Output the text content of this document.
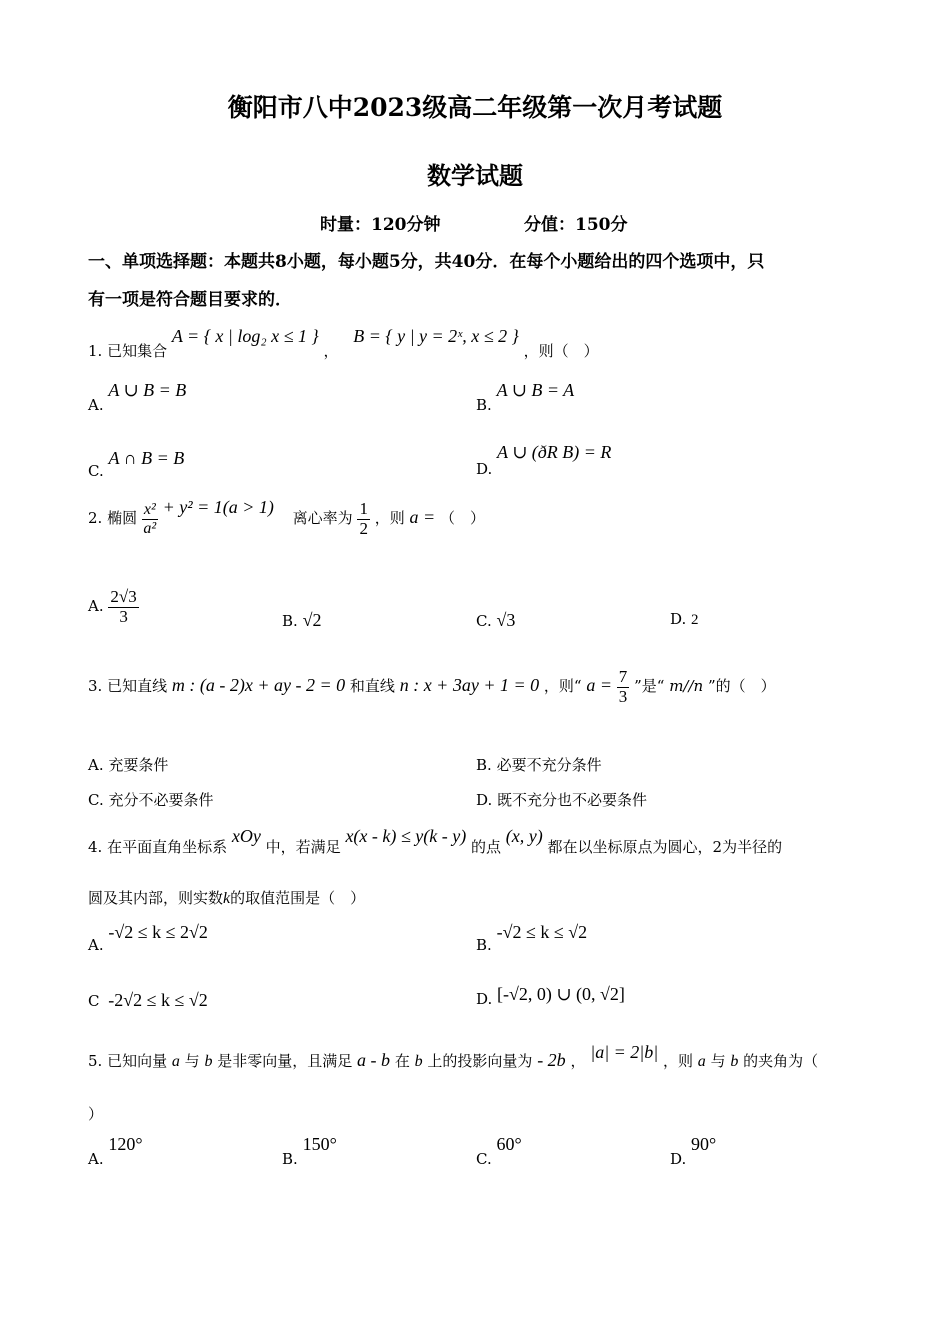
衡阳市八中2023级高二年级第一次月考试题
数学试题
时量：120分钟	分值：150分
一、单项选择题：本题共8小题，每小题5分，共40分．在每个小题给出的四个选项中，只
有一项是符合题目要求的．
1. 已知集合 A = { x | log₂ x ≤ 1 } ， B = { y | y = 2ˣ, x ≤ 2 } ，则（　）
A. A ∪ B = B
B. A ∪ B = A
C. A ∩ B = B
D. A ∪ (ðR B) = R
2. 椭圆 $\frac{\text{x²}}{\text{a²}} + y^2 = 1(a > 1)$ 离心率为 $\frac{1}{2}$ ，则 a = （　）
A. $\frac{2√3}{3}$	B. √2	C. √3	D. 2
3. 已知直线 m : (a - 2)x + ay - 2 = 0 和直线 n : x + 3ay + 1 = 0 ，则“ $a = \frac{7}{3}$ ”是“ m//n ”的（　）
A. 充要条件	B. 必要不充分条件
C. 充分不必要条件	D. 既不充分也不必要条件
4. 在平面直角坐标系 xOy 中，若满足 x(x - k) ≤ y(k - y) 的点 (x, y) 都在以坐标原点为圆心，2为半径的
圆及其内部，则实数k的取值范围是（　）
A. -√2 ≤ k ≤ 2√2
B. -√2 ≤ k ≤ √2
C -2√2 ≤ k ≤ √2	D. [-√2, 0) ∪ (0, √2]
5. 已知向量 a 与 b 是非零向量，且满足 a - b 在 b 上的投影向量为 - 2b ， |a| = 2|b| ，则 a 与 b 的夹角为（
）
A. 120°
B. 150°
C. 60°
D. 90°
